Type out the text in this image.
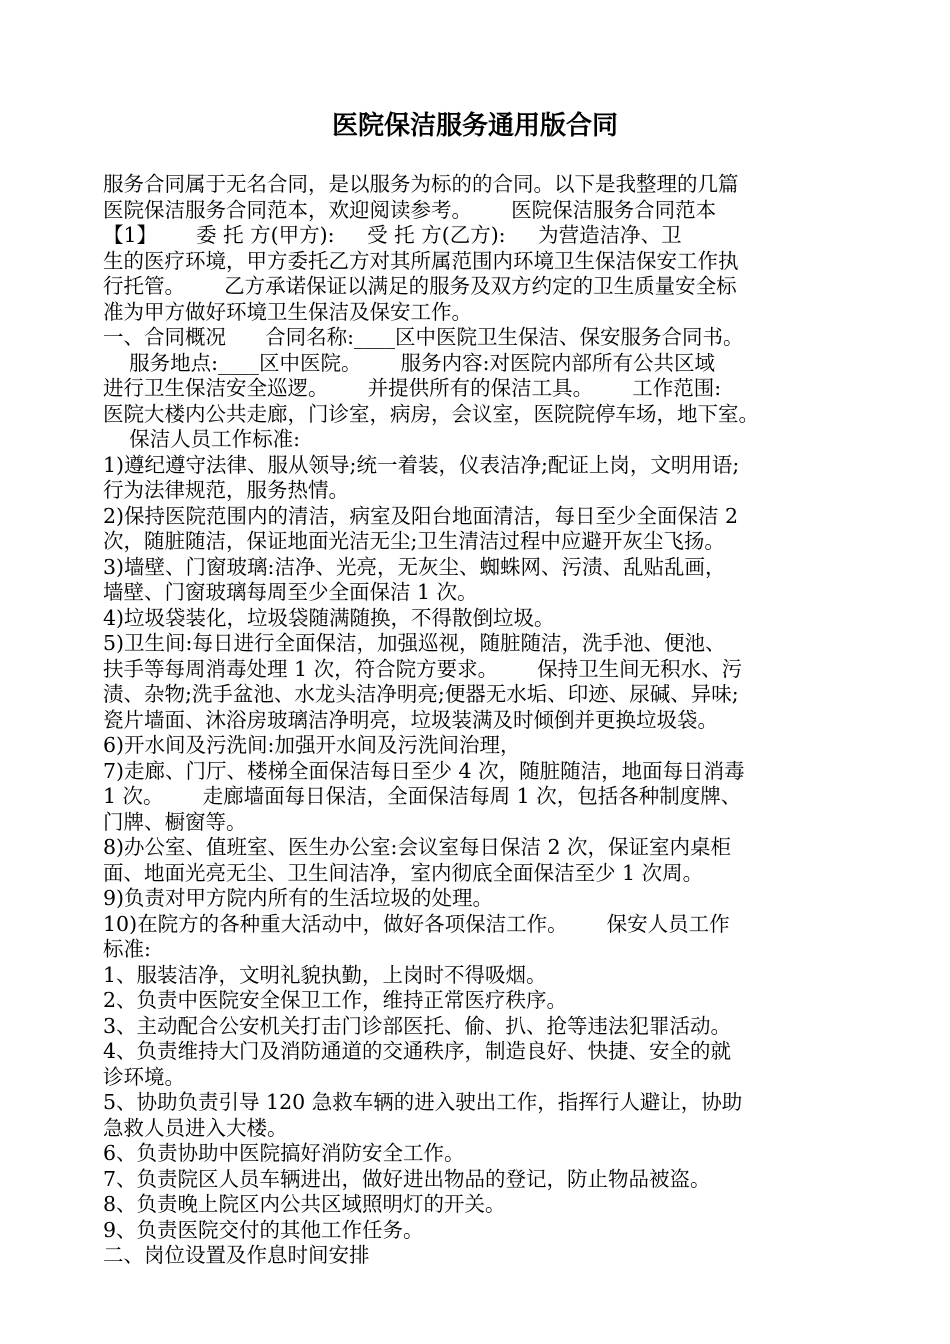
医院保洁服务通用版合同
服务合同属于无名合同，是以服务为标的的合同。以下是我整理的几篇
医院保洁服务合同范本，欢迎阅读参考。      医院保洁服务合同范本
【1】      委 托 方(甲方):     受 托 方(乙方):     为营造洁净、卫
生的医疗环境，甲方委托乙方对其所属范围内环境卫生保洁保安工作执
行托管。      乙方承诺保证以满足的服务及双方约定的卫生质量安全标
准为甲方做好环境卫生保洁及保安工作。
一、合同概况      合同名称:____区中医院卫生保洁、保安服务合同书。
服务地点:____区中医院。      服务内容:对医院内部所有公共区域
进行卫生保洁安全巡逻。      并提供所有的保洁工具。      工作范围:
医院大楼内公共走廊，门诊室，病房，会议室，医院院停车场，地下室。
保洁人员工作标准:
1)遵纪遵守法律、服从领导;统一着装，仪表洁净;配证上岗，文明用语;
行为法律规范，服务热情。
2)保持医院范围内的清洁，病室及阳台地面清洁，每日至少全面保洁 2
次，随脏随洁，保证地面光洁无尘;卫生清洁过程中应避开灰尘飞扬。
3)墙壁、门窗玻璃:洁净、光亮，无灰尘、蜘蛛网、污渍、乱贴乱画，
墙壁、门窗玻璃每周至少全面保洁 1 次。
4)垃圾袋装化，垃圾袋随满随换，不得散倒垃圾。
5)卫生间:每日进行全面保洁，加强巡视，随脏随洁，洗手池、便池、
扶手等每周消毒处理 1 次，符合院方要求。      保持卫生间无积水、污
渍、杂物;洗手盆池、水龙头洁净明亮;便器无水垢、印迹、尿碱、异味;
瓷片墙面、沐浴房玻璃洁净明亮，垃圾装满及时倾倒并更换垃圾袋。
6)开水间及污洗间:加强开水间及污洗间治理，
7)走廊、门厅、楼梯全面保洁每日至少 4 次，随脏随洁，地面每日消毒
1 次。      走廊墙面每日保洁，全面保洁每周 1 次，包括各种制度牌、
门牌、橱窗等。
8)办公室、值班室、医生办公室:会议室每日保洁 2 次，保证室内桌柜
面、地面光亮无尘、卫生间洁净，室内彻底全面保洁至少 1 次周。
9)负责对甲方院内所有的生活垃圾的处理。
10)在院方的各种重大活动中，做好各项保洁工作。      保安人员工作
标准:
1、服装洁净，文明礼貌执勤，上岗时不得吸烟。
2、负责中医院安全保卫工作，维持正常医疗秩序。
3、主动配合公安机关打击门诊部医托、偷、扒、抢等违法犯罪活动。
4、负责维持大门及消防通道的交通秩序，制造良好、快捷、安全的就
诊环境。
5、协助负责引导 120 急救车辆的进入驶出工作，指挥行人避让，协助
急救人员进入大楼。
6、负责协助中医院搞好消防安全工作。
7、负责院区人员车辆进出，做好进出物品的登记，防止物品被盗。
8、负责晚上院区内公共区域照明灯的开关。
9、负责医院交付的其他工作任务。
二、岗位设置及作息时间安排
